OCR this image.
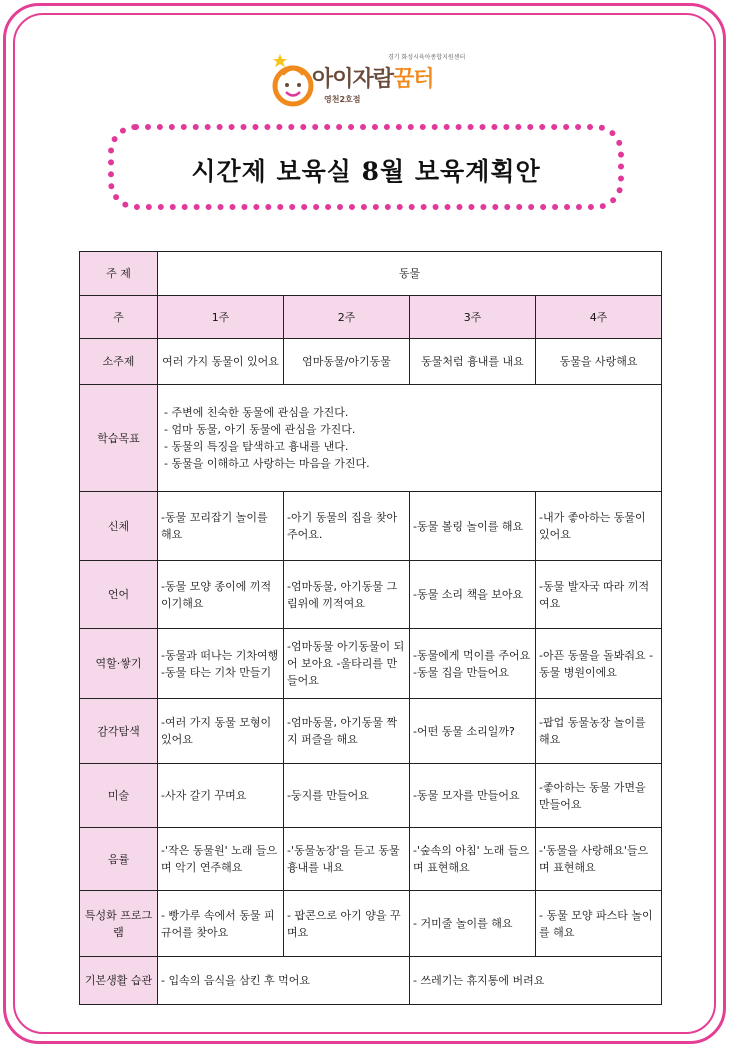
경기 화성시육아종합지원센터
아이자람꿈터
영천2호점
시간제 보육실 8월 보육계획안
주 제	동물			
주	1주	2주	3주	4주
소주제	여러 가지 동물이 있어요	엄마동물/아기동물	동물처럼 흉내를 내요	동물을 사랑해요
학습목표	- 주변에 친숙한 동물에 관심을 가진다.
- 엄마 동물, 아기 동물에 관심을 가진다.
- 동물의 특징을 탐색하고 흉내를 낸다.
- 동물을 이해하고 사랑하는 마음을 가진다.			

신체	-동물 꼬리잡기 놀이를 해요	-아기 동물의 집을 찾아주어요.	-동물 볼링 놀이를 해요	-내가 좋아하는 동물이 있어요
언어	-동물 모양 종이에 끼적이기해요	-엄마동물, 아기동물 그림위에 끼적여요	-동물 소리 책을 보아요	-동물 발자국 따라 끼적여요
역할·쌓기	-동물과 떠나는 기차여행 -동물 타는 기차 만들기	-엄마동물 아기동물이 되어 보아요 -울타리를 만들어요	-동물에게 먹이를 주어요 -동물 집을 만들어요	-아픈 동물을 돌봐줘요 -동물 병원이에요
감각탐색	-여러 가지 동물 모형이 있어요	-엄마동물, 아기동물 짝지 퍼즐을 해요	-어떤 동물 소리일까?	-팝업 동물농장 놀이를 해요
미술	-사자 갈기 꾸며요	-둥지를 만들어요	-동물 모자를 만들어요	-좋아하는 동물 가면을 만들어요
음률	-'작은 동물원' 노래 들으며 악기 연주해요	-'동물농장'을 듣고 동물 흉내를 내요	-'숲속의 아침' 노래 들으며 표현해요	-'동물을 사랑해요'들으며 표현해요
특성화 프로그램	- 빵가루 속에서 동물 피규어를 찾아요	- 팝콘으로 아기 양을 꾸며요	- 거미줄 놀이를 해요	- 동물 모양 파스타 놀이를 해요
기본생활 습관	- 입속의 음식을 삼킨 후 먹어요		- 쓰레기는 휴지통에 버려요	
